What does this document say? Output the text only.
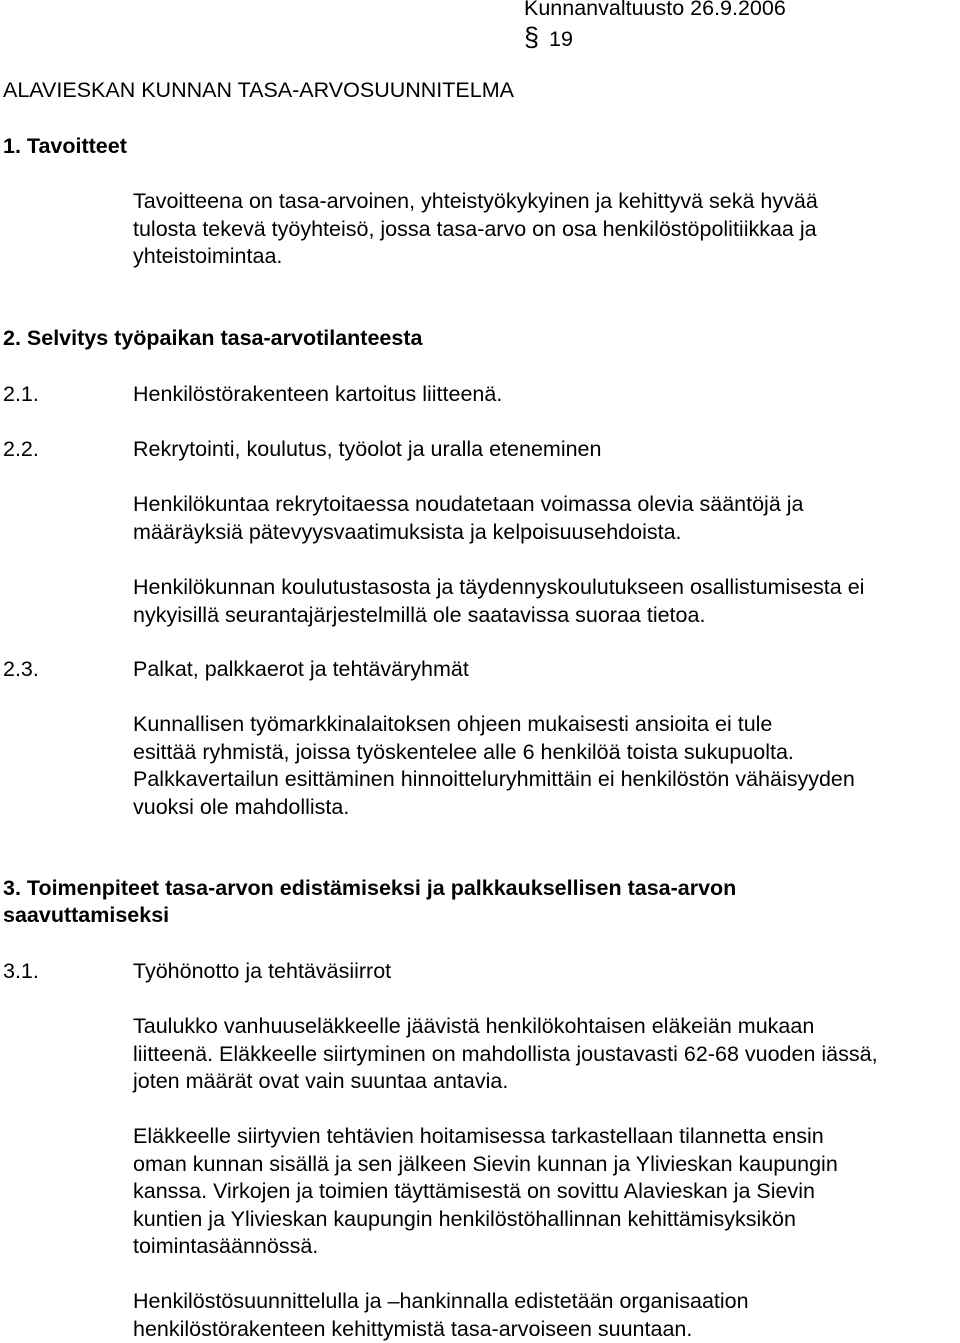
Kunnanvaltuusto 26.9.2006
§ 19
ALAVIESKAN KUNNAN TASA-ARVOSUUNNITELMA
1. Tavoitteet

Tavoitteena on tasa-arvoinen, yhteistyökykyinen ja kehittyvä sekä hyvää

tulosta tekevä työyhteisö, jossa tasa-arvo on osa henkilöstöpolitiikkaa ja

yhteistoimintaa.

2. Selvitys työpaikan tasa-arvotilanteesta
2.1.	Henkilöstörakenteen kartoitus liitteenä.
2.2.	Rekrytointi, koulutus, työolot ja uralla eteneminen

Henkilökuntaa rekrytoitaessa noudatetaan voimassa olevia sääntöjä ja

määräyksiä pätevyysvaatimuksista ja kelpoisuusehdoista.

Henkilökunnan koulutustasosta ja täydennyskoulutukseen osallistumisesta ei

nykyisillä seurantajärjestelmillä ole saatavissa suoraa tietoa.

2.3.	Palkat, palkkaerot ja tehtäväryhmät

Kunnallisen työmarkkinalaitoksen ohjeen mukaisesti ansioita ei tule

esittää ryhmistä, joissa työskentelee alle 6 henkilöä toista sukupuolta.

Palkkavertailun esittäminen hinnoitteluryhmittäin ei henkilöstön vähäisyyden

vuoksi ole mahdollista.

3. Toimenpiteet tasa-arvon edistämiseksi ja palkkauksellisen tasa-arvon
saavuttamiseksi
3.1.	Työhönotto ja tehtäväsiirrot

Taulukko vanhuuseläkkeelle jäävistä henkilökohtaisen eläkeiän mukaan

liitteenä. Eläkkeelle siirtyminen on mahdollista joustavasti 62-68 vuoden iässä,

joten määrät ovat vain suuntaa antavia.

Eläkkeelle siirtyvien tehtävien hoitamisessa tarkastellaan tilannetta ensin

oman kunnan sisällä ja sen jälkeen Sievin kunnan ja Ylivieskan kaupungin

kanssa. Virkojen ja toimien täyttämisestä on sovittu Alavieskan ja Sievin

kuntien ja Ylivieskan kaupungin henkilöstöhallinnan kehittämisyksikön

toimintasäännössä.

Henkilöstösuunnittelulla ja –hankinnalla edistetään organisaation

henkilöstörakenteen kehittymistä tasa-arvoiseen suuntaan.
